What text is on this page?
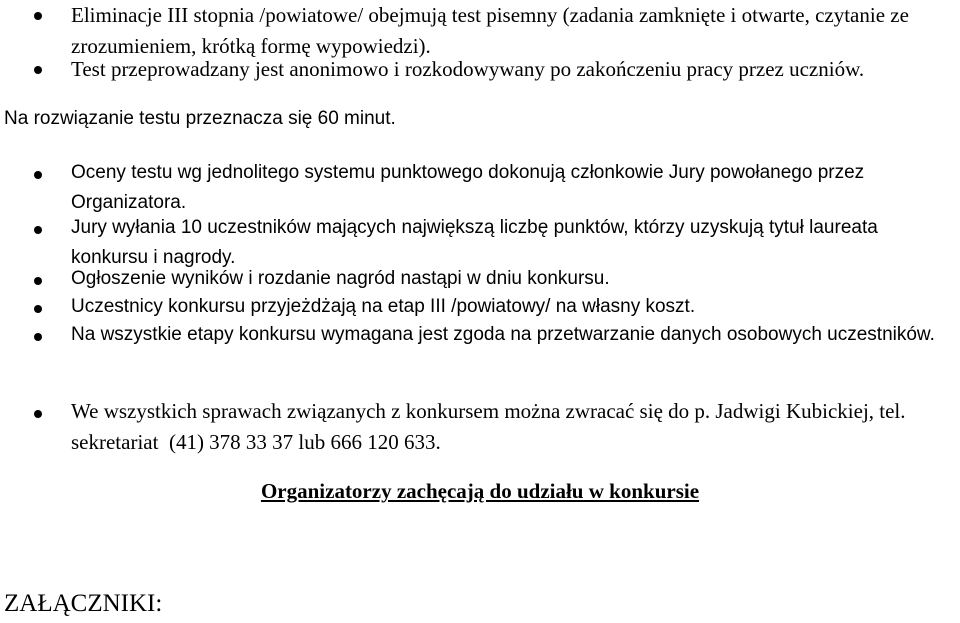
Eliminacje III stopnia /powiatowe/ obejmują test pisemny (zadania zamknięte i otwarte, czytanie ze zrozumieniem, krótką formę wypowiedzi).
Test przeprowadzany jest anonimowo i rozkodowywany po zakończeniu pracy przez uczniów.
Na rozwiązanie testu przeznacza się 60 minut.
Oceny testu wg jednolitego systemu punktowego dokonują członkowie Jury powołanego przez Organizatora.
Jury wyłania 10 uczestników mających największą liczbę punktów, którzy uzyskują tytuł laureata konkursu i nagrody.
Ogłoszenie wyników i rozdanie nagród nastąpi w dniu konkursu.
Uczestnicy konkursu przyjeżdżają na etap III /powiatowy/ na własny koszt.
Na wszystkie etapy konkursu wymagana jest zgoda na przetwarzanie danych osobowych uczestników.
We wszystkich sprawach związanych z konkursem można zwracać się do p. Jadwigi Kubickiej, tel. sekretariat  (41) 378 33 37 lub 666 120 633.
Organizatorzy zachęcają do udziału w konkursie
ZAŁĄCZNIKI:
